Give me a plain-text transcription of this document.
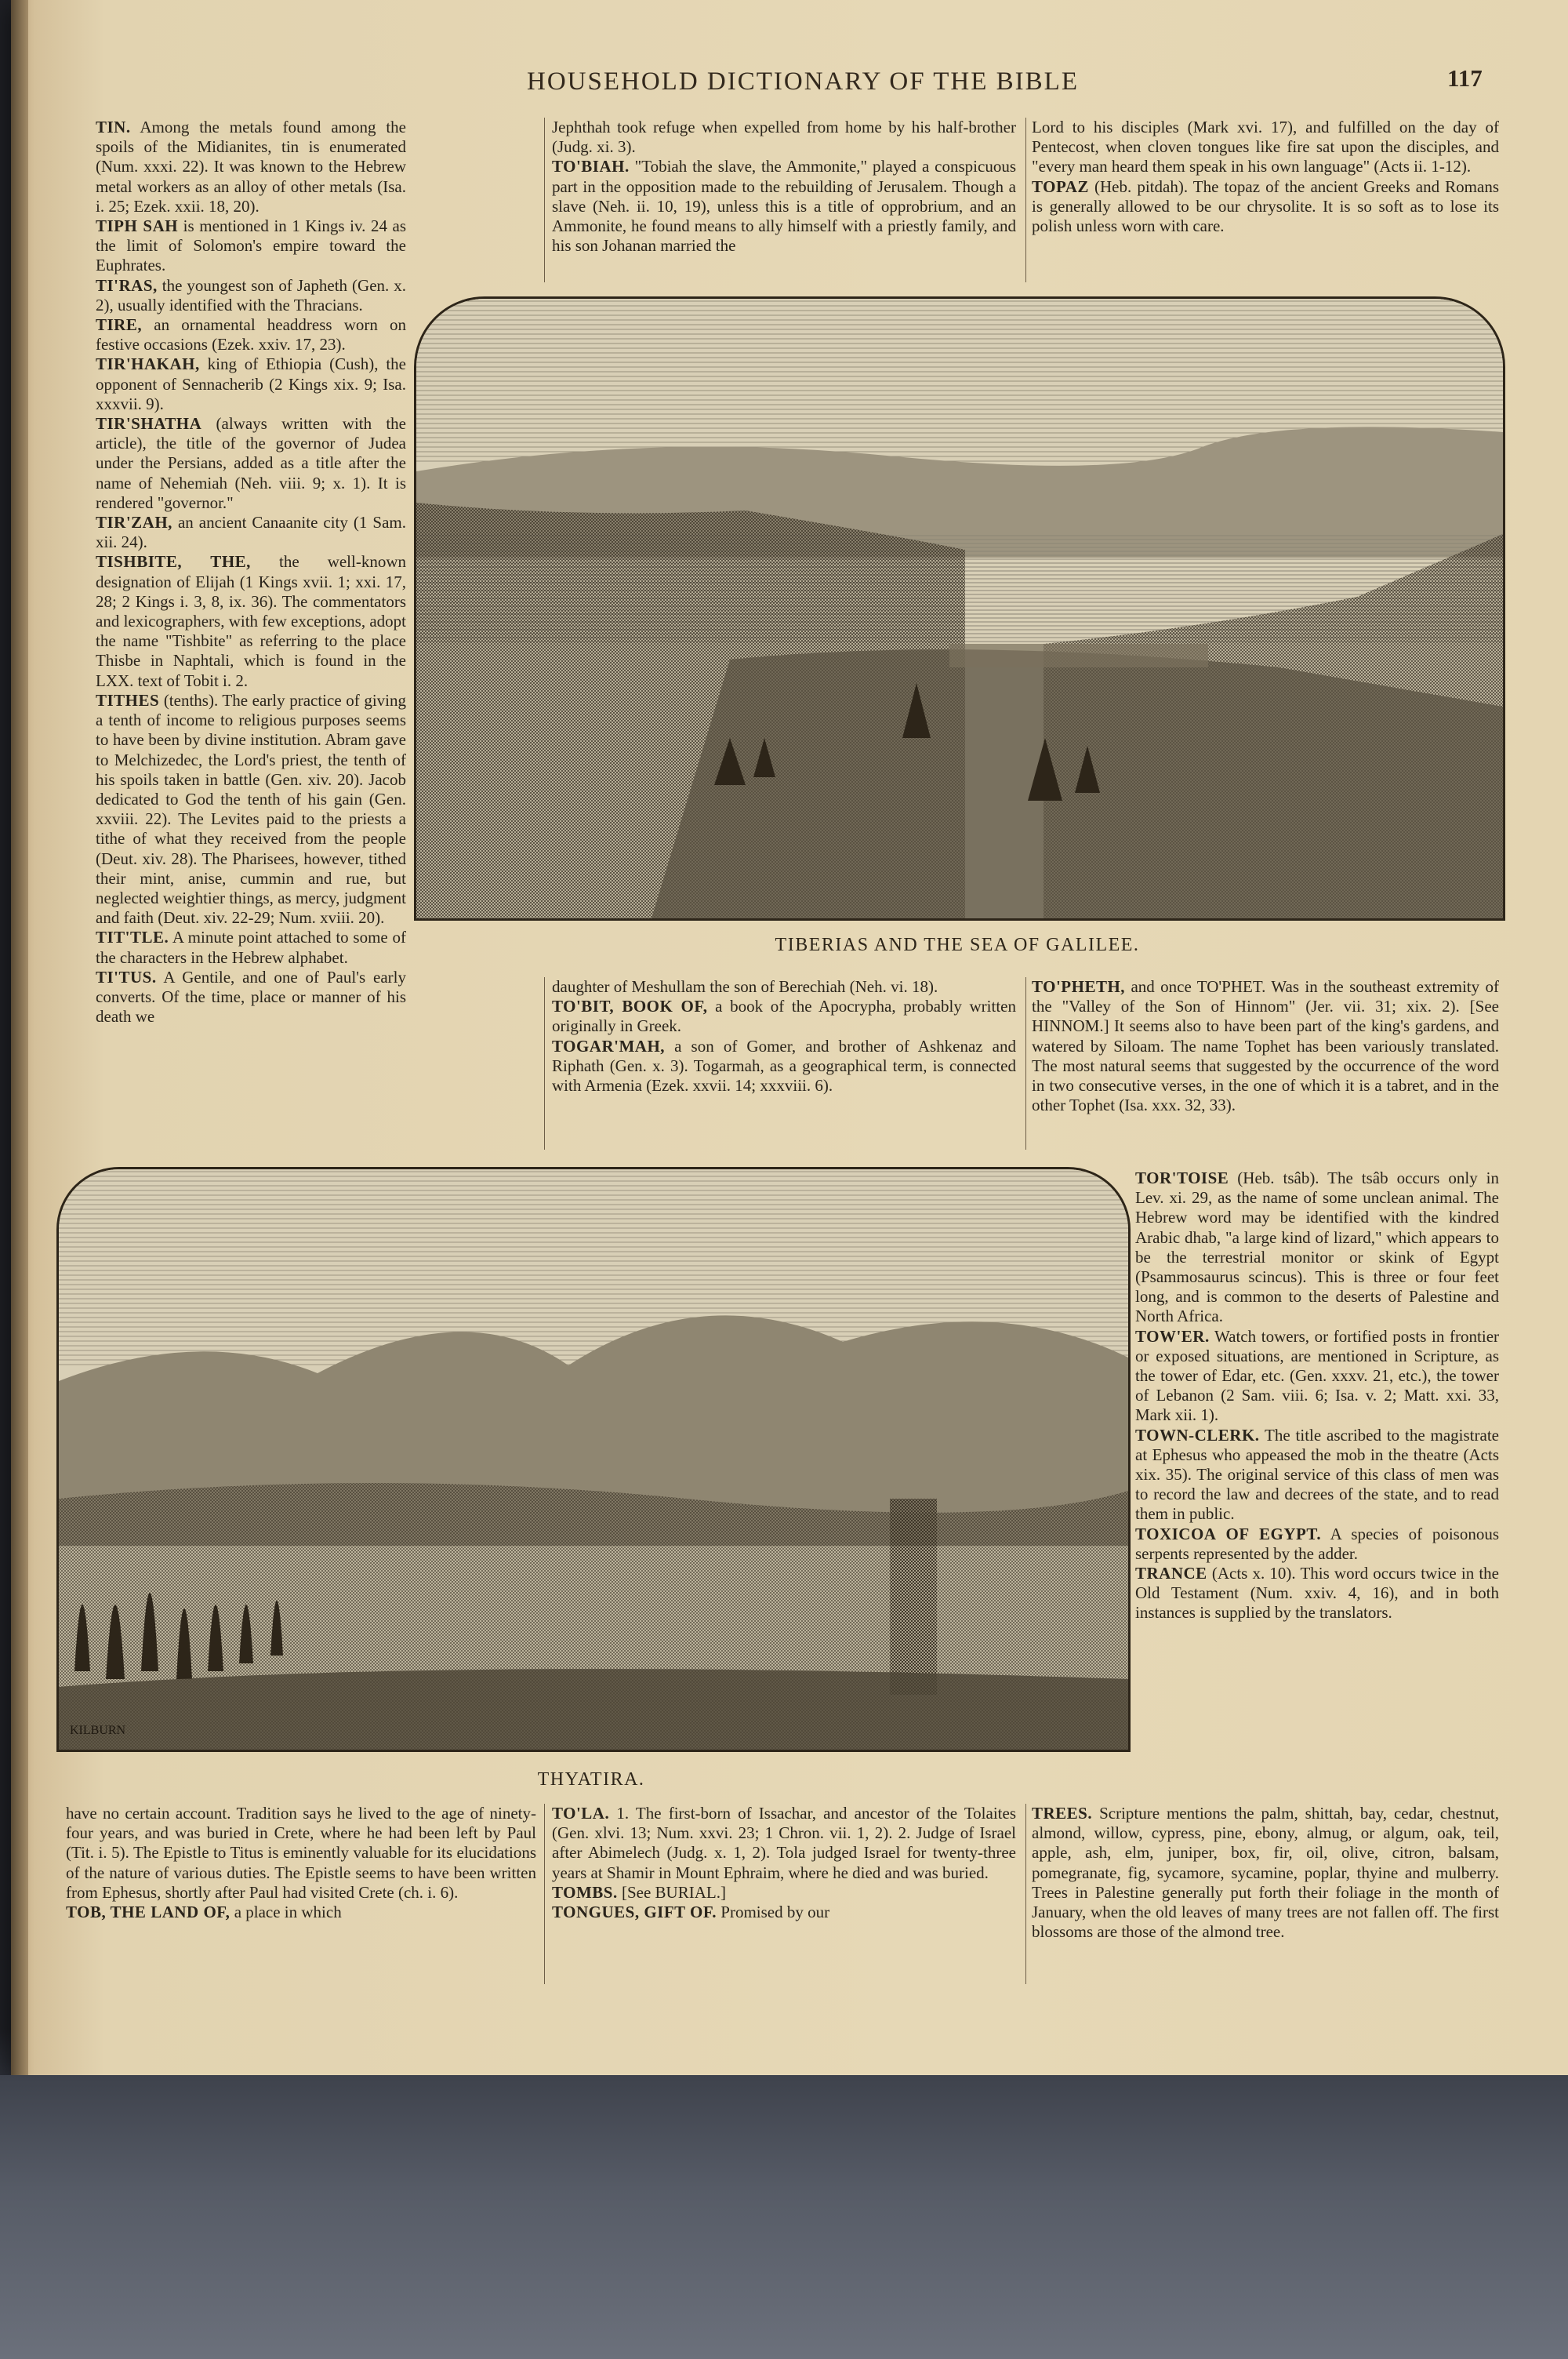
HOUSEHOLD DICTIONARY OF THE BIBLE	117

TIN. Among the metals found among the spoils of the Midianites, tin is enumerated (Num. xxxi. 22). It was known to the Hebrew metal workers as an alloy of other metals (Isa. i. 25; Ezek. xxii. 18, 20).

TIPH SAH is mentioned in 1 Kings iv. 24 as the limit of Solomon's empire toward the Euphrates.

TI'RAS, the youngest son of Japheth (Gen. x. 2), usually identified with the Thracians.

TIRE, an ornamental headdress worn on festive occasions (Ezek. xxiv. 17, 23).

TIR'HAKAH, king of Ethiopia (Cush), the opponent of Sennacherib (2 Kings xix. 9; Isa. xxxvii. 9).

TIR'SHATHA (always written with the article), the title of the governor of Judea under the Persians, added as a title after the name of Nehemiah (Neh. viii. 9; x. 1). It is rendered "governor."

TIR'ZAH, an ancient Canaanite city (1 Sam. xii. 24).

TISHBITE, THE, the well-known designation of Elijah (1 Kings xvii. 1; xxi. 17, 28; 2 Kings i. 3, 8, ix. 36). The commentators and lexicographers, with few exceptions, adopt the name "Tishbite" as referring to the place Thisbe in Naphtali, which is found in the LXX. text of Tobit i. 2.

TITHES (tenths). The early practice of giving a tenth of income to religious purposes seems to have been by divine institution. Abram gave to Melchizedec, the Lord's priest, the tenth of his spoils taken in battle (Gen. xiv. 20). Jacob dedicated to God the tenth of his gain (Gen. xxviii. 22). The Levites paid to the priests a tithe of what they received from the people (Deut. xiv. 28). The Pharisees, however, tithed their mint, anise, cummin and rue, but neglected weightier things, as mercy, judgment and faith (Deut. xiv. 22-29; Num. xviii. 20).

TIT'TLE. A minute point attached to some of the characters in the Hebrew alphabet.

TI'TUS. A Gentile, and one of Paul's early converts. Of the time, place or manner of his death we

Jephthah took refuge when expelled from home by his half-brother (Judg. xi. 3).

TO'BIAH. "Tobiah the slave, the Ammonite," played a conspicuous part in the opposition made to the rebuilding of Jerusalem. Though a slave (Neh. ii. 10, 19), unless this is a title of opprobrium, and an Ammonite, he found means to ally himself with a priestly family, and his son Johanan married the

Lord to his disciples (Mark xvi. 17), and fulfilled on the day of Pentecost, when cloven tongues like fire sat upon the disciples, and "every man heard them speak in his own language" (Acts ii. 1-12).

TOPAZ (Heb. pitdah). The topaz of the ancient Greeks and Romans is generally allowed to be our chrysolite. It is so soft as to lose its polish unless worn with care.

TIBERIAS AND THE SEA OF GALILEE.

daughter of Meshullam the son of Berechiah (Neh. vi. 18).

TO'BIT, BOOK OF, a book of the Apocrypha, probably written originally in Greek.

TOGAR'MAH, a son of Gomer, and brother of Ashkenaz and Riphath (Gen. x. 3). Togarmah, as a geographical term, is connected with Armenia (Ezek. xxvii. 14; xxxviii. 6).

TO'PHETH, and once TO'PHET. Was in the southeast extremity of the "Valley of the Son of Hinnom" (Jer. vii. 31; xix. 2). [See HINNOM.] It seems also to have been part of the king's gardens, and watered by Siloam. The name Tophet has been variously translated. The most natural seems that suggested by the occurrence of the word in two consecutive verses, in the one of which it is a tabret, and in the other Tophet (Isa. xxx. 32, 33).

KILBURN
THYATIRA.

TOR'TOISE (Heb. tsâb). The tsâb occurs only in Lev. xi. 29, as the name of some unclean animal. The Hebrew word may be identified with the kindred Arabic dhab, "a large kind of lizard," which appears to be the terrestrial monitor or skink of Egypt (Psammosaurus scincus). This is three or four feet long, and is common to the deserts of Palestine and North Africa.

TOW'ER. Watch towers, or fortified posts in frontier or exposed situations, are mentioned in Scripture, as the tower of Edar, etc. (Gen. xxxv. 21, etc.), the tower of Lebanon (2 Sam. viii. 6; Isa. v. 2; Matt. xxi. 33, Mark xii. 1).

TOWN-CLERK. The title ascribed to the magistrate at Ephesus who appeased the mob in the theatre (Acts xix. 35). The original service of this class of men was to record the law and decrees of the state, and to read them in public.

TOXICOA OF EGYPT. A species of poisonous serpents represented by the adder.

TRANCE (Acts x. 10). This word occurs twice in the Old Testament (Num. xxiv. 4, 16), and in both instances is supplied by the translators.

have no certain account. Tradition says he lived to the age of ninety-four years, and was buried in Crete, where he had been left by Paul (Tit. i. 5). The Epistle to Titus is eminently valuable for its elucidations of the nature of various duties. The Epistle seems to have been written from Ephesus, shortly after Paul had visited Crete (ch. i. 6).

TOB, THE LAND OF, a place in which

TO'LA. 1. The first-born of Issachar, and ancestor of the Tolaites (Gen. xlvi. 13; Num. xxvi. 23; 1 Chron. vii. 1, 2). 2. Judge of Israel after Abimelech (Judg. x. 1, 2). Tola judged Israel for twenty-three years at Shamir in Mount Ephraim, where he died and was buried.

TOMBS. [See BURIAL.]

TONGUES, GIFT OF. Promised by our

TREES. Scripture mentions the palm, shittah, bay, cedar, chestnut, almond, willow, cypress, pine, ebony, almug, or algum, oak, teil, apple, ash, elm, juniper, box, fir, oil, olive, citron, balsam, pomegranate, fig, sycamore, sycamine, poplar, thyine and mulberry. Trees in Palestine generally put forth their foliage in the month of January, when the old leaves of many trees are not fallen off. The first blossoms are those of the almond tree.
